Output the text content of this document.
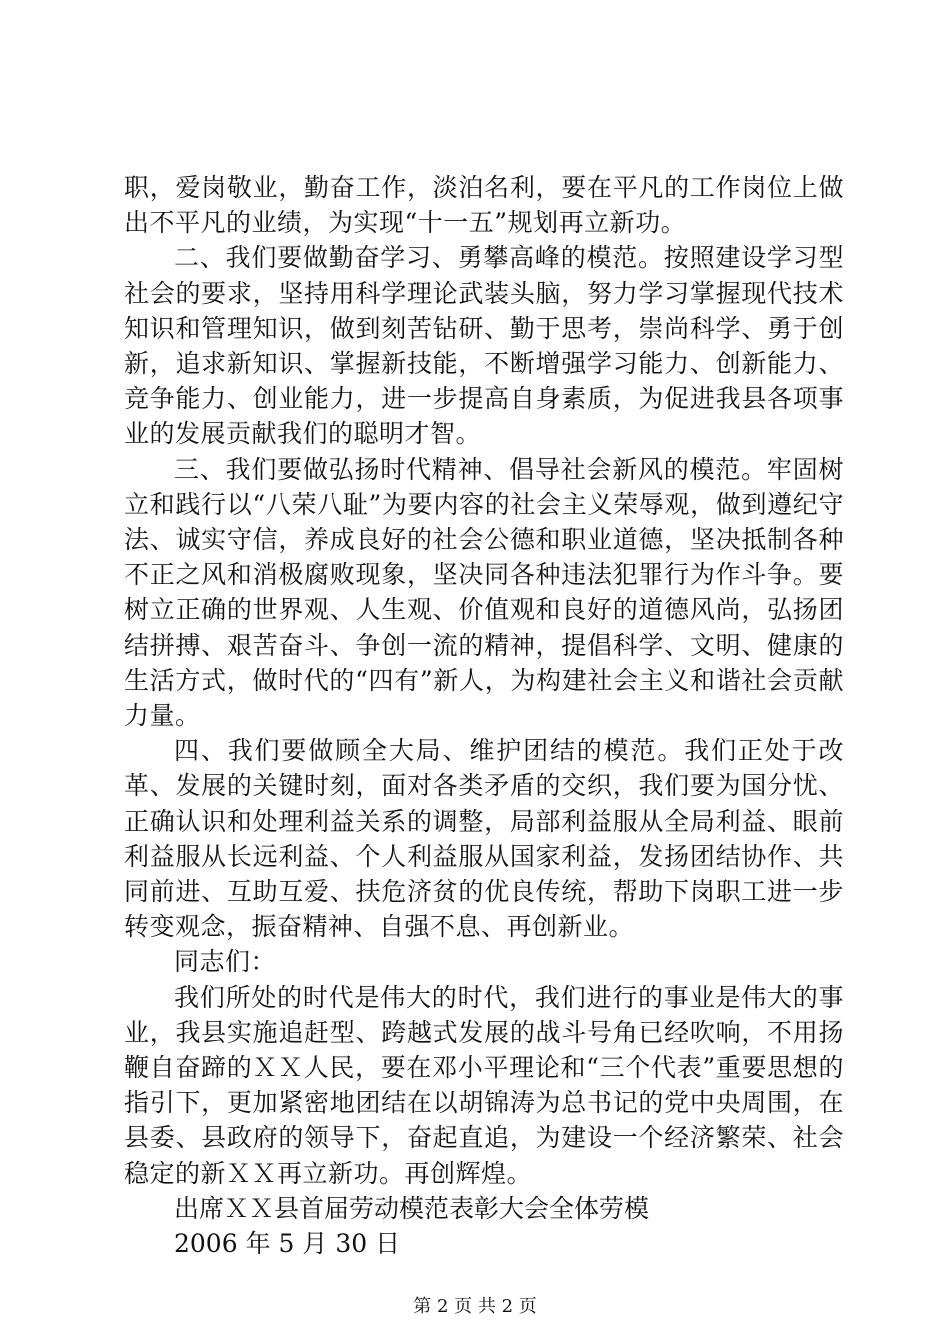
职，爱岗敬业，勤奋工作，淡泊名利，要在平凡的工作岗位上做出不平凡的业绩，为实现“十一五”规划再立新功。

二、我们要做勤奋学习、勇攀高峰的模范。按照建设学习型社会的要求，坚持用科学理论武装头脑，努力学习掌握现代技术知识和管理知识，做到刻苦钻研、勤于思考，崇尚科学、勇于创新，追求新知识、掌握新技能，不断增强学习能力、创新能力、竞争能力、创业能力，进一步提高自身素质，为促进我县各项事业的发展贡献我们的聪明才智。

三、我们要做弘扬时代精神、倡导社会新风的模范。牢固树立和践行以“八荣八耻”为要内容的社会主义荣辱观，做到遵纪守法、诚实守信，养成良好的社会公德和职业道德，坚决抵制各种不正之风和消极腐败现象，坚决同各种违法犯罪行为作斗争。要树立正确的世界观、人生观、价值观和良好的道德风尚，弘扬团结拼搏、艰苦奋斗、争创一流的精神，提倡科学、文明、健康的生活方式，做时代的“四有”新人，为构建社会主义和谐社会贡献力量。

四、我们要做顾全大局、维护团结的模范。我们正处于改革、发展的关键时刻，面对各类矛盾的交织，我们要为国分忧、正确认识和处理利益关系的调整，局部利益服从全局利益、眼前利益服从长远利益、个人利益服从国家利益，发扬团结协作、共同前进、互助互爱、扶危济贫的优良传统，帮助下岗职工进一步转变观念，振奋精神、自强不息、再创新业。

同志们：

我们所处的时代是伟大的时代，我们进行的事业是伟大的事业，我县实施追赶型、跨越式发展的战斗号角已经吹响，不用扬鞭自奋蹄的ＸＸ人民，要在邓小平理论和“三个代表”重要思想的指引下，更加紧密地团结在以胡锦涛为总书记的党中央周围，在县委、县政府的领导下，奋起直追，为建设一个经济繁荣、社会稳定的新ＸＸ再立新功。再创辉煌。

出席ＸＸ县首届劳动模范表彰大会全体劳模

2006 年 5 月 30 日

第 2 页 共 2 页
